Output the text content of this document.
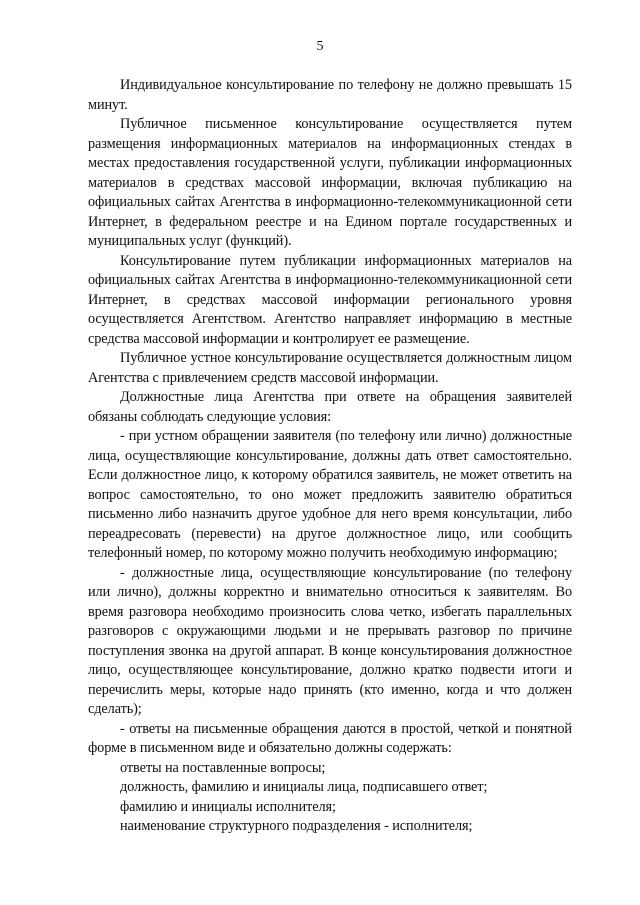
5

Индивидуальное консультирование по телефону не должно превышать 15 минут.

Публичное письменное консультирование осуществляется путем размещения информационных материалов на информационных стендах в местах предоставления государственной услуги, публикации информационных материалов в средствах массовой информации, включая публикацию на официальных сайтах Агентства в информационно-телекоммуникационной сети Интернет, в федеральном реестре и на Едином портале государственных и муниципальных услуг (функций).

Консультирование путем публикации информационных материалов на официальных сайтах Агентства в информационно-телекоммуникационной сети Интернет, в средствах массовой информации регионального уровня осуществляется Агентством. Агентство направляет информацию в местные средства массовой информации и контролирует ее размещение.

Публичное устное консультирование осуществляется должностным лицом Агентства с привлечением средств массовой информации.

Должностные лица Агентства при ответе на обращения заявителей обязаны соблюдать следующие условия:

- при устном обращении заявителя (по телефону или лично) должностные лица, осуществляющие консультирование, должны дать ответ самостоятельно. Если должностное лицо, к которому обратился заявитель, не может ответить на вопрос самостоятельно, то оно может предложить заявителю обратиться письменно либо назначить другое удобное для него время консультации, либо переадресовать (перевести) на другое должностное лицо, или сообщить телефонный номер, по которому можно получить необходимую информацию;

- должностные лица, осуществляющие консультирование (по телефону или лично), должны корректно и внимательно относиться к заявителям. Во время разговора необходимо произносить слова четко, избегать параллельных разговоров с окружающими людьми и не прерывать разговор по причине поступления звонка на другой аппарат. В конце консультирования должностное лицо, осуществляющее консультирование, должно кратко подвести итоги и перечислить меры, которые надо принять (кто именно, когда и что должен сделать);

- ответы на письменные обращения даются в простой, четкой и понятной форме в письменном виде и обязательно должны содержать:

ответы на поставленные вопросы;

должность, фамилию и инициалы лица, подписавшего ответ;

фамилию и инициалы исполнителя;

наименование структурного подразделения - исполнителя;
